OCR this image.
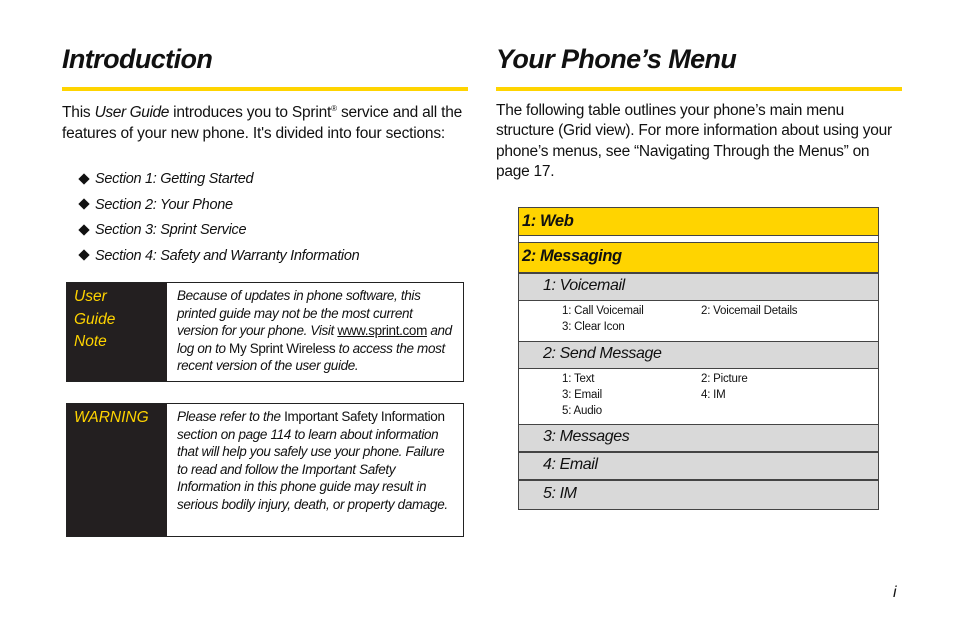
Introduction
This User Guide introduces you to Sprint® service and all the features of your new phone. It's divided into four sections:
Section 1: Getting Started
Section 2: Your Phone
Section 3: Sprint Service
Section 4: Safety and Warranty Information
User
Guide
Note
Because of updates in phone software, this printed guide may not be the most current version for your phone. Visit www.sprint.com and log on to My Sprint Wireless to access the most recent version of the user guide.
WARNING	Please refer to the Important Safety Information section on page 114 to learn about information that will help you safely use your phone. Failure to read and follow the Important Safety Information in this phone guide may result in serious bodily injury, death, or property damage.
Your Phone’s Menu
The following table outlines your phone’s main menu structure (Grid view). For more information about using your phone’s menus, see “Navigating Through the Menus” on page 17.
1: Web
2: Messaging
1: Voicemail
1: Call Voicemail	2: Voicemail Details
3: Clear Icon
2: Send Message
1: Text	2: Picture
3: Email	4: IM
5: Audio
3: Messages
4: Email
5: IM
i
